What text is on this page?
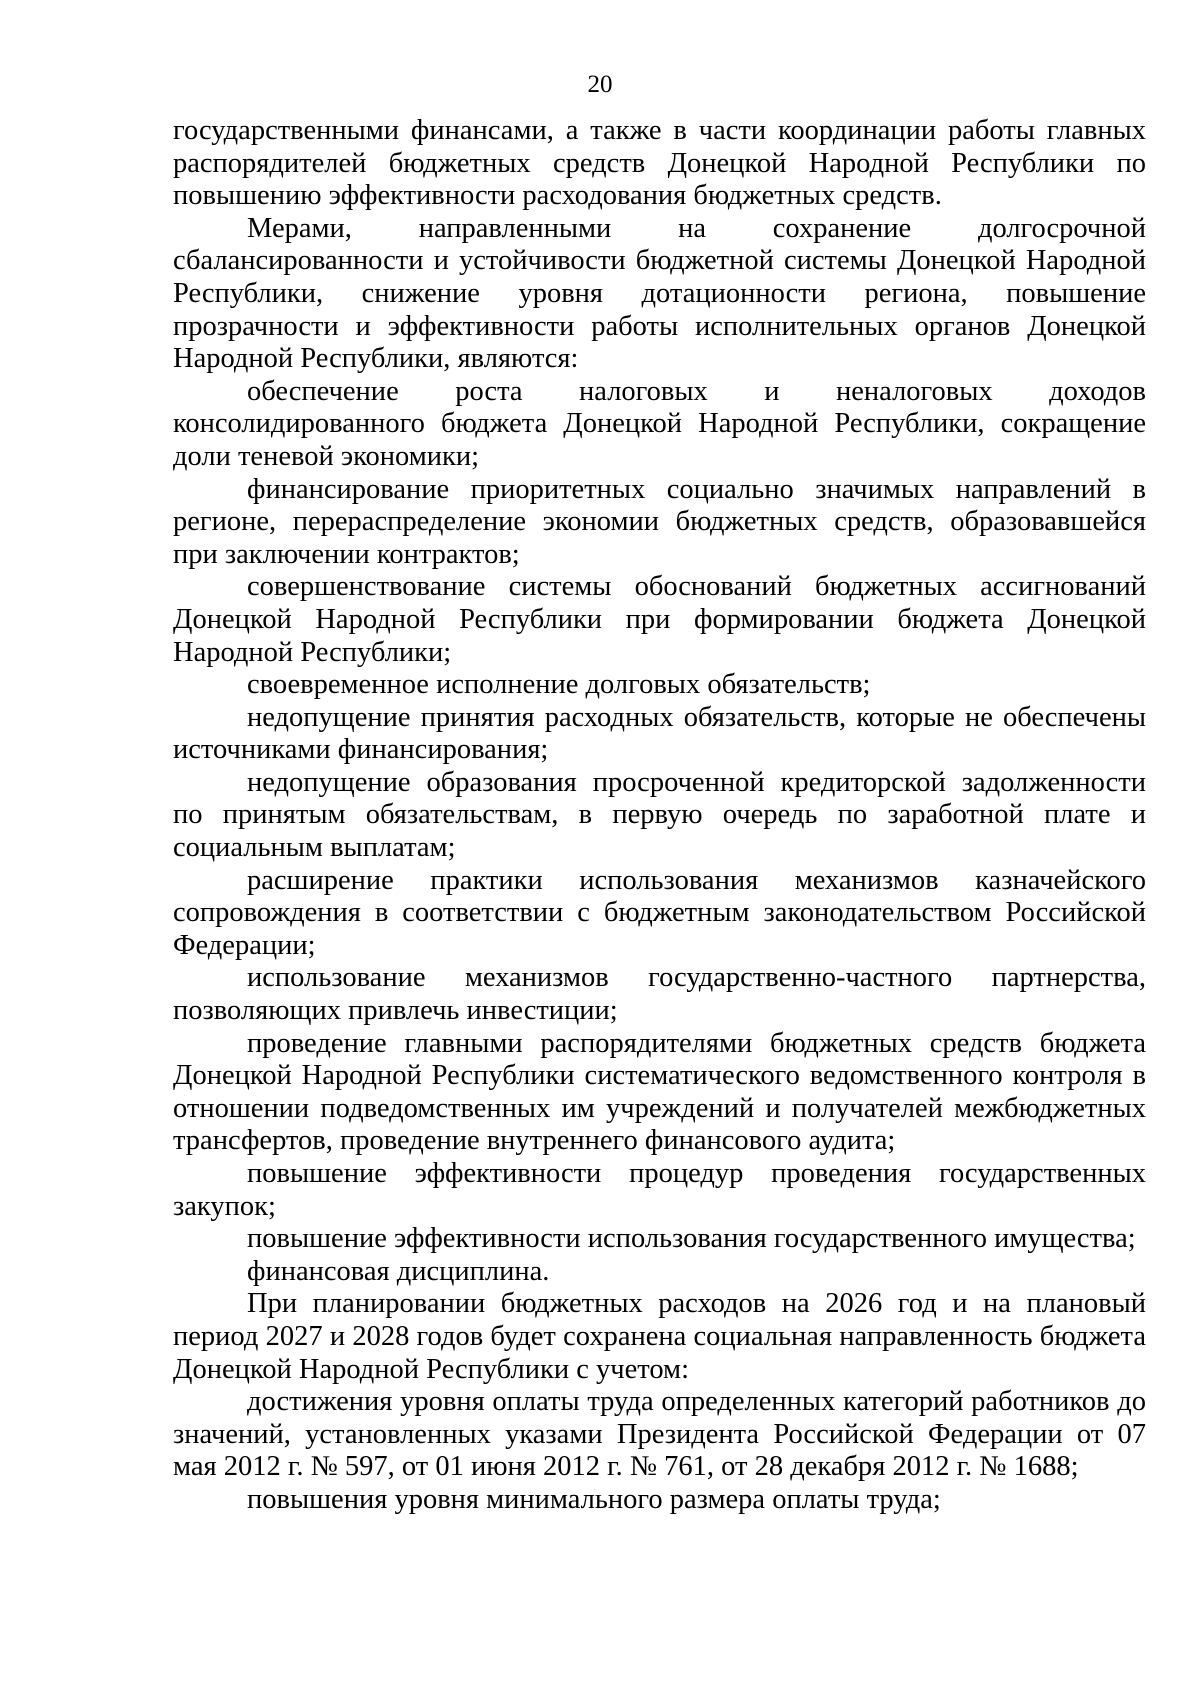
20

государственными финансами, а также в части координации работы главных распорядителей бюджетных средств Донецкой Народной Республики по повышению эффективности расходования бюджетных средств.

Мерами, направленными на сохранение долгосрочной сбалансированности и устойчивости бюджетной системы Донецкой Народной Республики, снижение уровня дотационности региона, повышение прозрачности и эффективности работы исполнительных органов Донецкой Народной Республики, являются:

обеспечение роста налоговых и неналоговых доходов консолидированного бюджета Донецкой Народной Республики, сокращение доли теневой экономики;

финансирование приоритетных социально значимых направлений в регионе, перераспределение экономии бюджетных средств, образовавшейся при заключении контрактов;

совершенствование системы обоснований бюджетных ассигнований Донецкой Народной Республики при формировании бюджета Донецкой Народной Республики;

своевременное исполнение долговых обязательств;

недопущение принятия расходных обязательств, которые не обеспечены источниками финансирования;

недопущение образования просроченной кредиторской задолженности по принятым обязательствам, в первую очередь по заработной плате и социальным выплатам;

расширение практики использования механизмов казначейского сопровождения в соответствии с бюджетным законодательством Российской Федерации;

использование механизмов государственно-частного партнерства, позволяющих привлечь инвестиции;

проведение главными распорядителями бюджетных средств бюджета Донецкой Народной Республики систематического ведомственного контроля в отношении подведомственных им учреждений и получателей межбюджетных трансфертов, проведение внутреннего финансового аудита;

повышение эффективности процедур проведения государственных закупок;

повышение эффективности использования государственного имущества;

финансовая дисциплина.

При планировании бюджетных расходов на 2026 год и на плановый период 2027 и 2028 годов будет сохранена социальная направленность бюджета Донецкой Народной Республики с учетом:

достижения уровня оплаты труда определенных категорий работников до значений, установленных указами Президента Российской Федерации от 07 мая 2012 г. № 597, от 01 июня 2012 г. № 761, от 28 декабря 2012 г. № 1688;

повышения уровня минимального размера оплаты труда;
